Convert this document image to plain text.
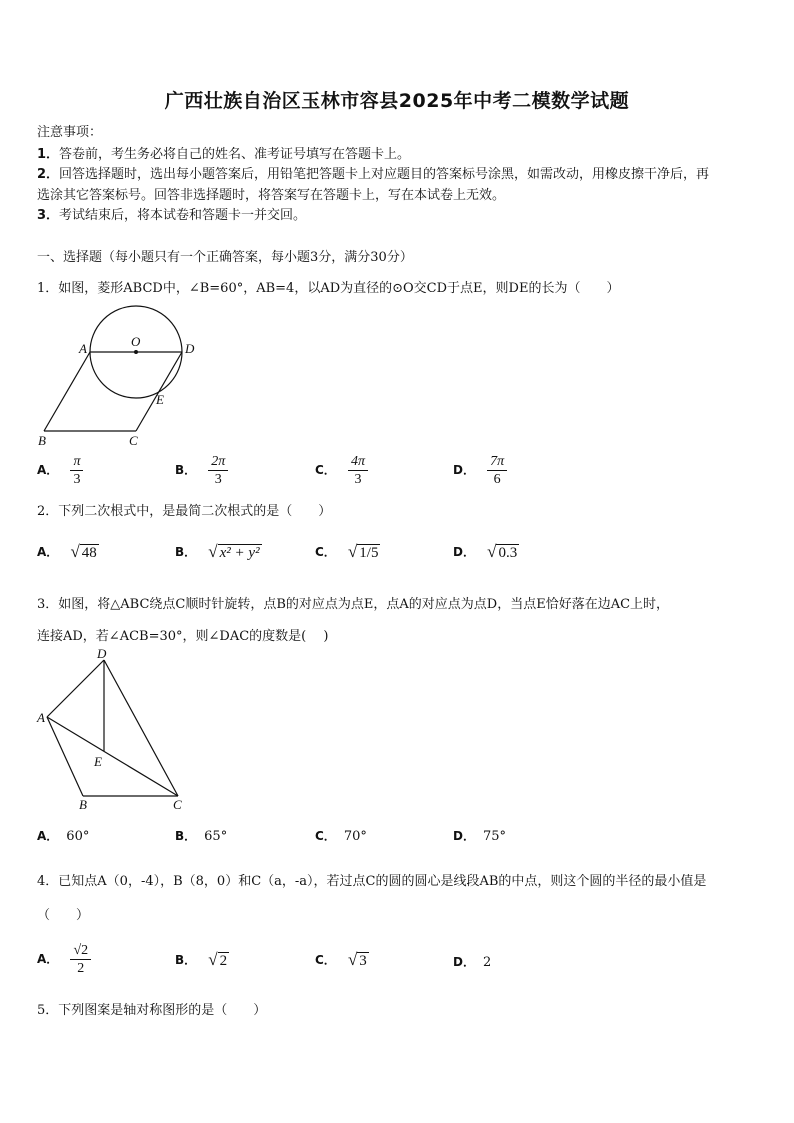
广西壮族自治区玉林市容县2025年中考二模数学试题
注意事项：
1．答卷前，考生务必将自己的姓名、准考证号填写在答题卡上。
2．回答选择题时，选出每小题答案后，用铅笔把答题卡上对应题目的答案标号涂黑，如需改动，用橡皮擦干净后，再
选涂其它答案标号。回答非选择题时，将答案写在答题卡上，写在本试卷上无效。
3．考试结束后，将本试卷和答题卡一并交回。
一、选择题（每小题只有一个正确答案，每小题3分，满分30分）
1．如图，菱形ABCD中，∠B=60°，AB=4，以AD为直径的⊙O交CD于点E，则DE的长为（　　）
O
A	D
E
B	C
A． $\frac{\pi}{3}$	B． $\frac{2\pi}{3}$	C． $\frac{4\pi}{3}$	D． $\frac{7\pi}{6}$
2．下列二次根式中，是最简二次根式的是（　　）
A． √ 48	B． √ x² + y²	C． √ 1/5	D． √ 0.3
3．如图，将△ABC绕点C顺时针旋转，点B的对应点为点E，点A的对应点为点D，当点E恰好落在边AC上时，
连接AD，若∠ACB=30°，则∠DAC的度数是(　 )
D
A
E
B	C
A． 60°	B． 65°	C． 70°	D． 75°
4．已知点A（0，-4），B（8，0）和C（a，-a），若过点C的圆的圆心是线段AB的中点，则这个圆的半径的最小值是
（　　）
A． $\frac{√2}{2}$	B． √ 2	C． √ 3	D． 2
5．下列图案是轴对称图形的是（　　）
